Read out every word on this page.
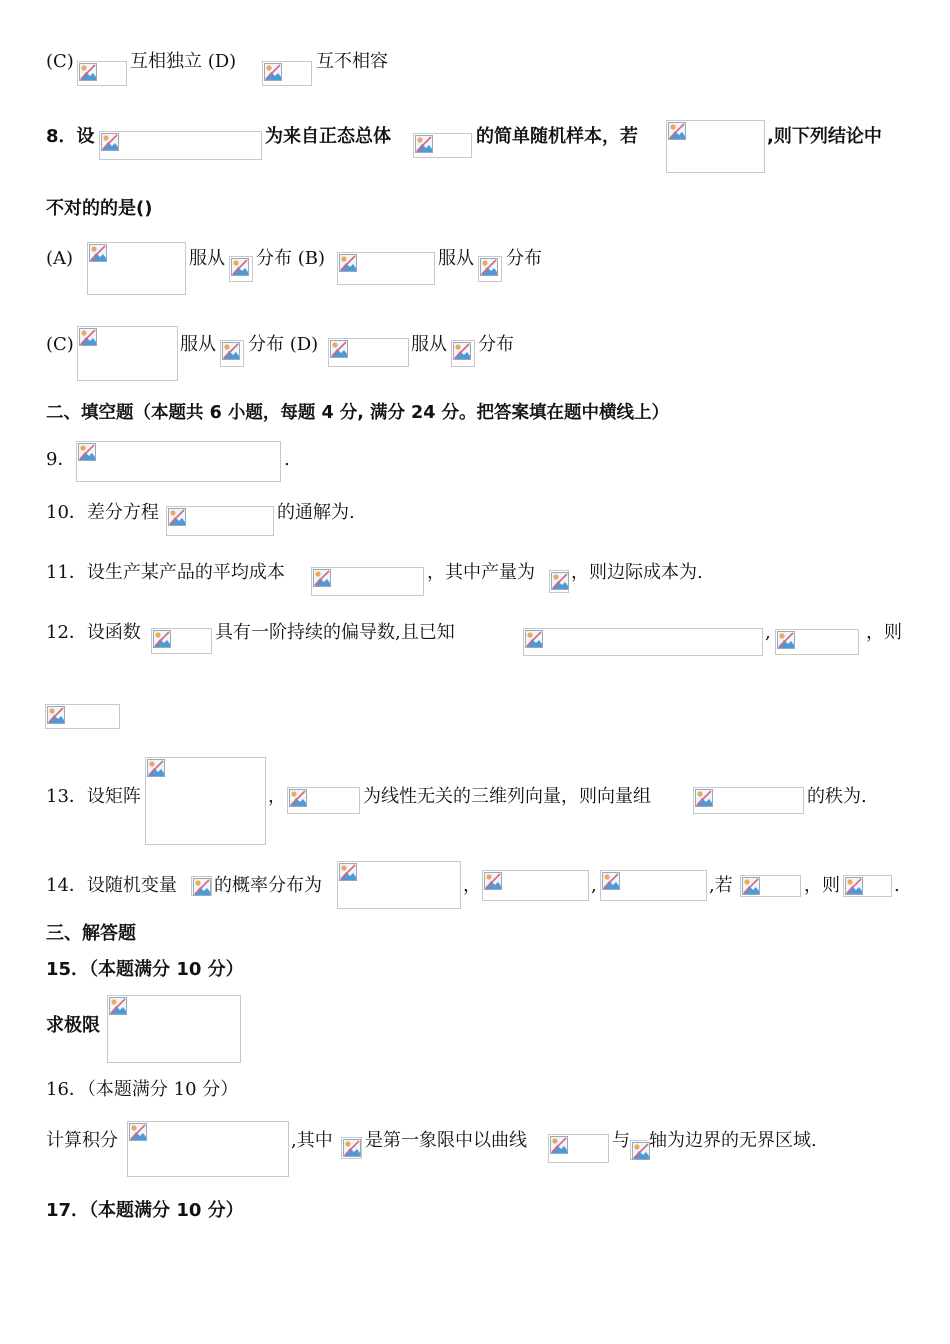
(C)	互相独立 (D)	互不相容
8．设	为来自正态总体	的简单随机样本，若	,则下列结论中
不对的的是()
(A)	服从 分布 (B)	服从 分布
(C)	服从 分布 (D)	服从 分布
二、填空题（本题共 6 小题，每题 4 分, 满分 24 分。把答案填在题中横线上）
9．	.
10．差分方程	的通解为.
11．设生产某产品的平均成本	，其中产量为 ，则边际成本为.
12．设函数	具有一阶持续的偏导数,且已知	,	，则
13．设矩阵	，	为线性无关的三维列向量，则向量组	的秩为.
14．设随机变量 的概率分布为	，	,	,若	，则	.
三、解答题
15．（本题满分 10 分）
求极限
16．（本题满分 10 分）
计算积分	,其中 是第一象限中以曲线	与 轴为边界的无界区域.
17．（本题满分 10 分）
